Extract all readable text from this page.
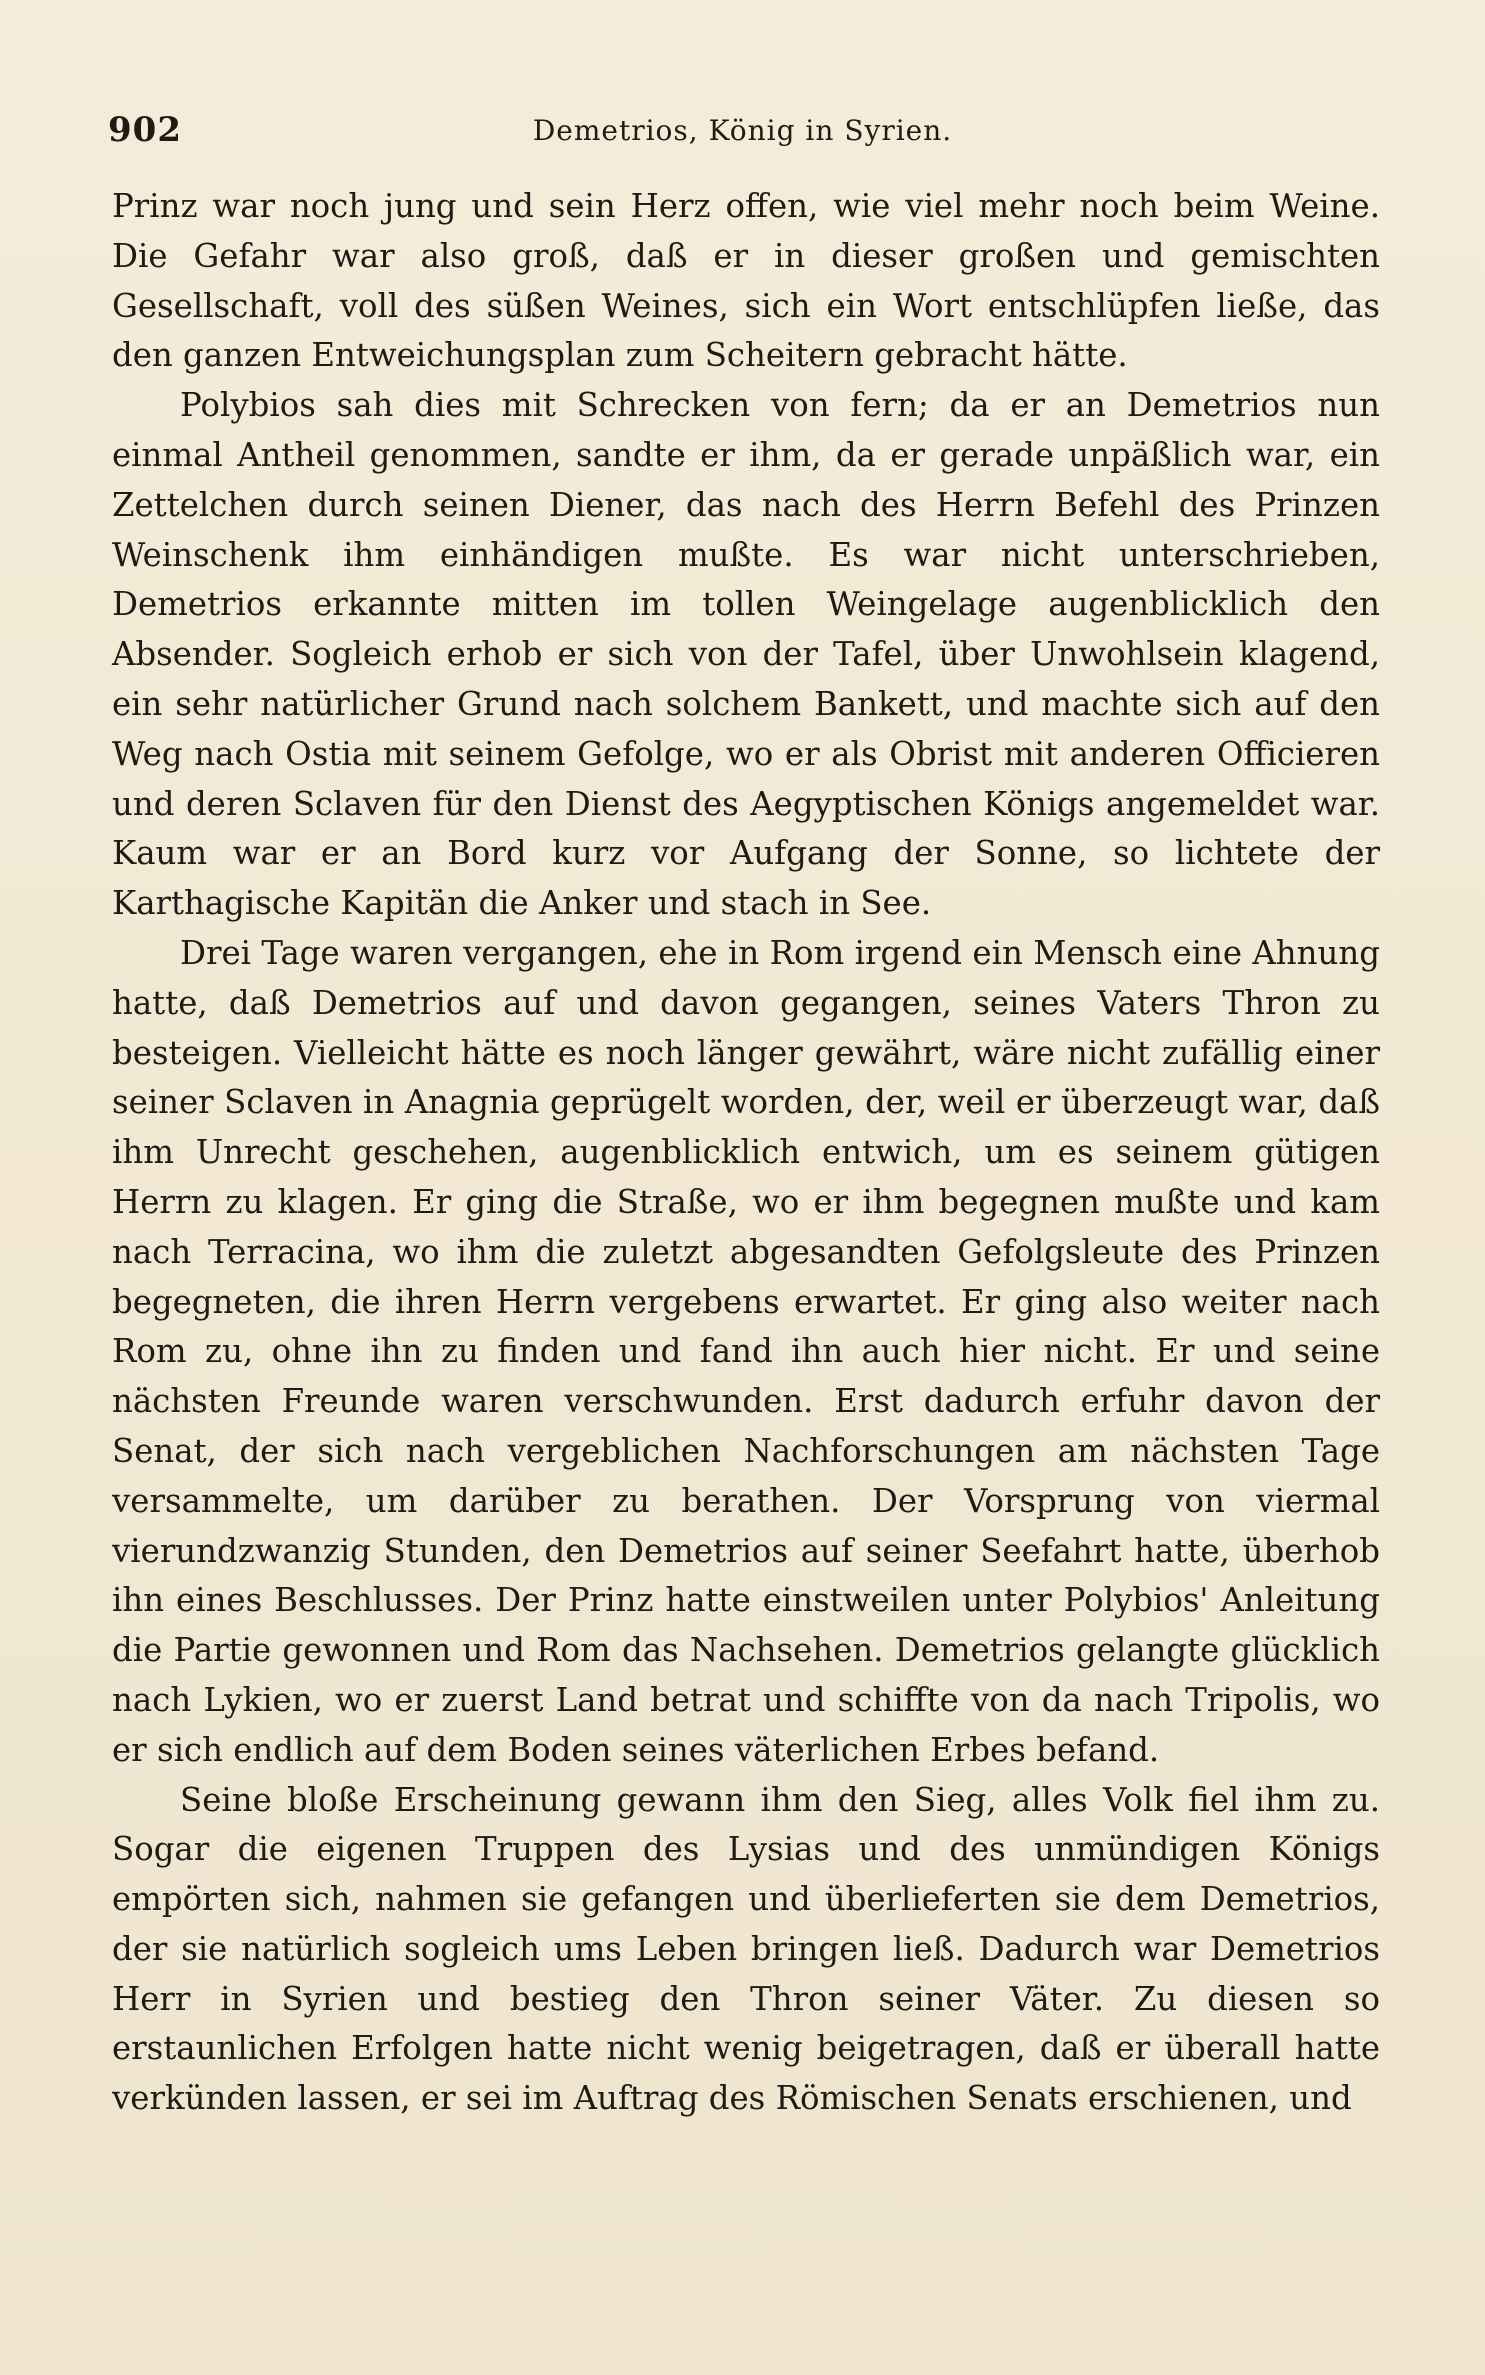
902	Demetrios, König in Syrien.

Prinz war noch jung und sein Herz offen, wie viel mehr noch beim Weine. Die Gefahr war also groß, daß er in dieser großen und gemischten Gesellschaft, voll des süßen Weines, sich ein Wort entschlüpfen ließe, das den ganzen Entweichungsplan zum Scheitern gebracht hätte.

Polybios sah dies mit Schrecken von fern; da er an Demetrios nun einmal Antheil genommen, sandte er ihm, da er gerade unpäßlich war, ein Zettelchen durch seinen Diener, das nach des Herrn Befehl des Prinzen Weinschenk ihm einhändigen mußte. Es war nicht unterschrieben, Demetrios erkannte mitten im tollen Weingelage augenblicklich den Absender. Sogleich erhob er sich von der Tafel, über Unwohlsein klagend, ein sehr natürlicher Grund nach solchem Bankett, und machte sich auf den Weg nach Ostia mit seinem Gefolge, wo er als Obrist mit anderen Officieren und deren Sclaven für den Dienst des Aegyptischen Königs angemeldet war. Kaum war er an Bord kurz vor Aufgang der Sonne, so lichtete der Karthagische Kapitän die Anker und stach in See.

Drei Tage waren vergangen, ehe in Rom irgend ein Mensch eine Ahnung hatte, daß Demetrios auf und davon gegangen, seines Vaters Thron zu besteigen. Vielleicht hätte es noch länger gewährt, wäre nicht zufällig einer seiner Sclaven in Anagnia geprügelt worden, der, weil er überzeugt war, daß ihm Unrecht geschehen, augenblicklich entwich, um es seinem gütigen Herrn zu klagen. Er ging die Straße, wo er ihm begegnen mußte und kam nach Terracina, wo ihm die zuletzt abgesandten Gefolgsleute des Prinzen begegneten, die ihren Herrn vergebens erwartet. Er ging also weiter nach Rom zu, ohne ihn zu finden und fand ihn auch hier nicht. Er und seine nächsten Freunde waren verschwunden. Erst dadurch erfuhr davon der Senat, der sich nach vergeblichen Nachforschungen am nächsten Tage versammelte, um darüber zu berathen. Der Vorsprung von viermal vierundzwanzig Stunden, den Demetrios auf seiner Seefahrt hatte, überhob ihn eines Beschlusses. Der Prinz hatte einstweilen unter Polybios' Anleitung die Partie gewonnen und Rom das Nachsehen. Demetrios gelangte glücklich nach Lykien, wo er zuerst Land betrat und schiffte von da nach Tripolis, wo er sich endlich auf dem Boden seines väterlichen Erbes befand.

Seine bloße Erscheinung gewann ihm den Sieg, alles Volk fiel ihm zu. Sogar die eigenen Truppen des Lysias und des unmündigen Königs empörten sich, nahmen sie gefangen und überlieferten sie dem Demetrios, der sie natürlich sogleich ums Leben bringen ließ. Dadurch war Demetrios Herr in Syrien und bestieg den Thron seiner Väter. Zu diesen so erstaunlichen Erfolgen hatte nicht wenig beigetragen, daß er überall hatte verkünden lassen, er sei im Auftrag des Römischen Senats erschienen, und
